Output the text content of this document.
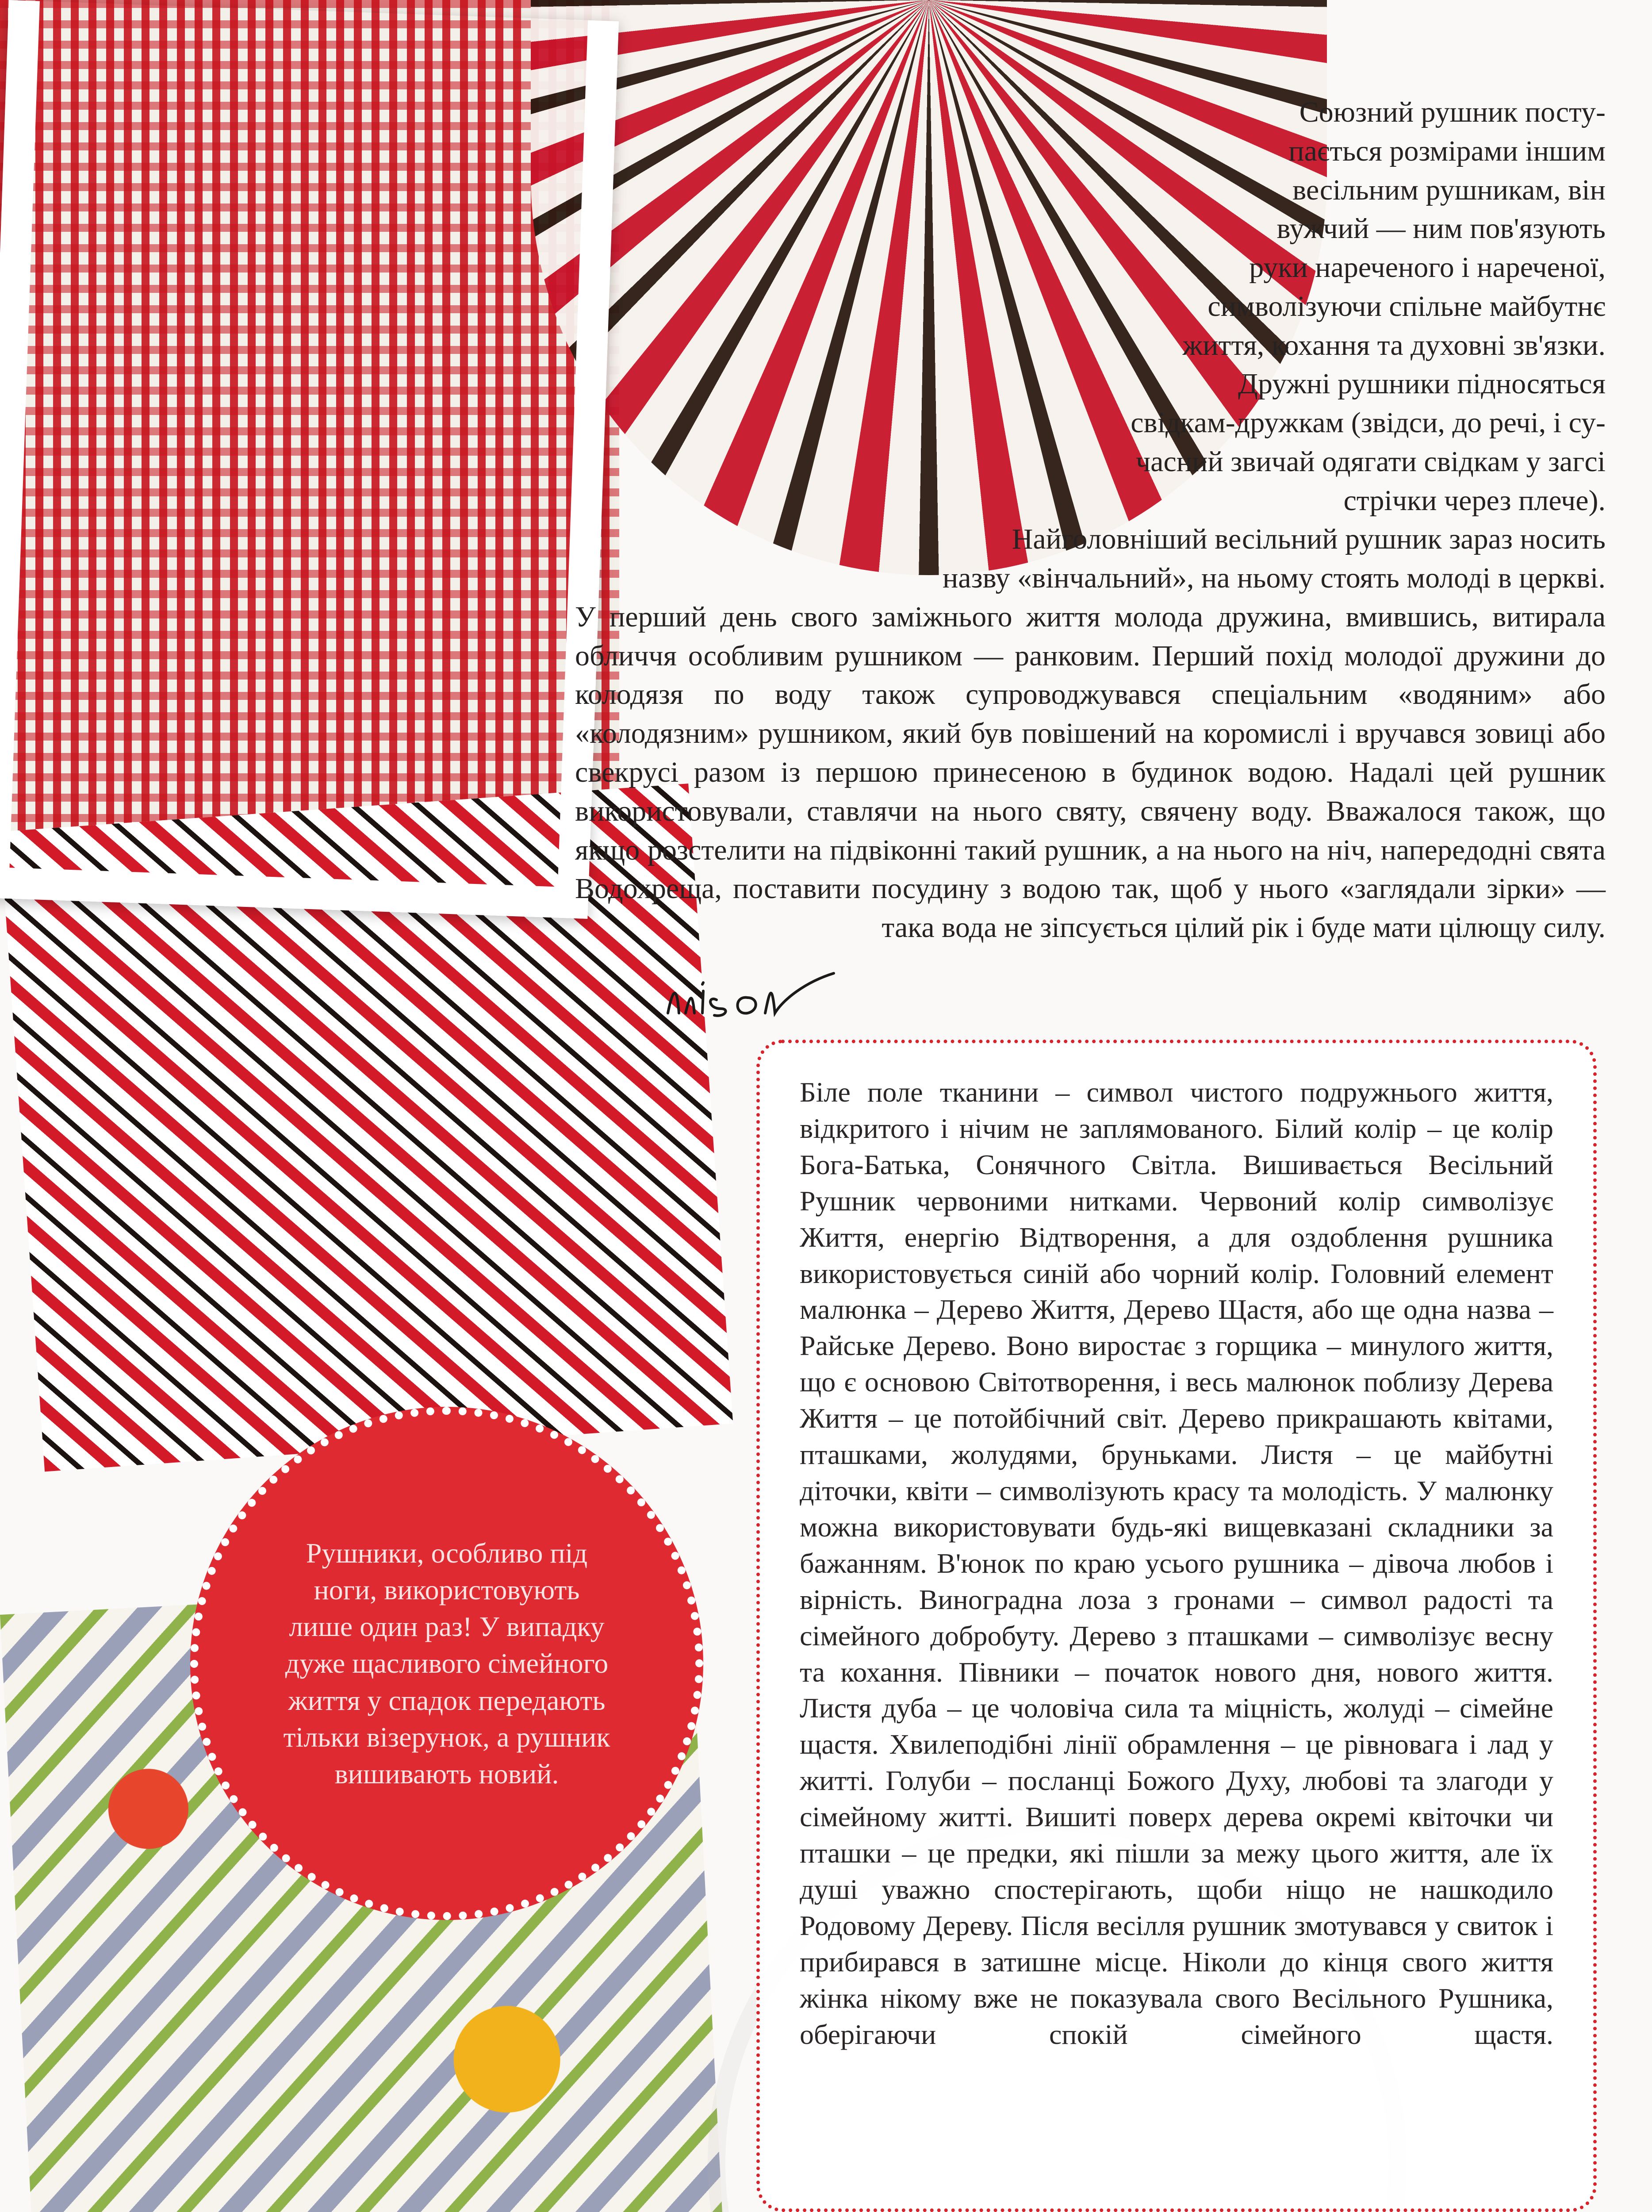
Союзний рушник посту-

пається розмірами іншим

весільним рушникам, він

вужчий — ним пов'язують

руки нареченого і нареченої,

символізуючи спільне майбутнє

життя, кохання та духовні зв'язки.

Дружні рушники підносяться

свідкам-дружкам (звідси, до речі, і су-

часний звичай одягати свідкам у загсі

стрічки через плече).

Найголовніший весільний рушник зараз носить

назву «вінчальний», на ньому стоять молоді в церкві.

У перший день свого заміжнього життя молода дружина, вмившись, витирала обличчя особливим рушником — ранковим. Перший похід молодої дружини до колодязя по воду також супроводжувався спеціальним «водяним» або «колодязним» рушником, який був повішений на коромислі і вручався зовиці або свекрусі разом із першою принесеною в будинок водою. Надалі цей рушник використовували, ставлячи на нього святу, свячену воду. Вважалося також, що якщо розстелити на підвіконні такий рушник, а на нього на ніч, напередодні свята Водохреща, поставити посудину з водою так, щоб у нього «заглядали зірки» — така вода не зіпсується цілий рік і буде мати цілющу силу.

Біле поле тканини – символ чистого подружнього життя, відкритого і нічим не заплямованого. Білий колір – це колір Бога-Батька, Сонячного Світла. Вишивається Весільний Рушник червоними нитками. Червоний колір символізує Життя, енергію Відтворення, а для оздоблення рушника використовується синій або чорний колір. Головний елемент малюнка – Дерево Життя, Дерево Щастя, або ще одна назва – Райське Дерево. Воно виростає з горщика – минулого життя, що є основою Світотворення, і весь малюнок поблизу Дерева Життя – це потойбічний світ. Дерево прикрашають квітами, пташками, жолудями, бруньками. Листя – це майбутні діточки, квіти – символізують красу та молодість. У малюнку можна використовувати будь-які вищевказані складники за бажанням. В'юнок по краю усього рушника – дівоча любов і вірність. Виноградна лоза з гронами – символ радості та сімейного добробуту. Дерево з пташками – символізує весну та кохання. Півники – початок нового дня, нового життя. Листя дуба – це чоловіча сила та міцність, жолуді – сімейне щастя. Хвилеподібні лінії обрамлення – це рівновага і лад у житті. Голуби – посланці Божого Духу, любові та злагоди у сімейному житті. Вишиті поверх дерева окремі квіточки чи пташки – це предки, які пішли за межу цього життя, але їх душі уважно спостерігають, щоби ніщо не нашкодило Родовому Дереву. Після весілля рушник змотувався у свиток і прибирався в затишне місце. Ніколи до кінця свого життя жінка нікому вже не показувала свого Весільного Рушника, оберігаючи спокій сімейного щастя.

Рушники, особливо під ноги, використовують лише один раз! У випадку дуже щасливого сімейного життя у спадок передають тільки візерунок, а рушник вишивають новий.
